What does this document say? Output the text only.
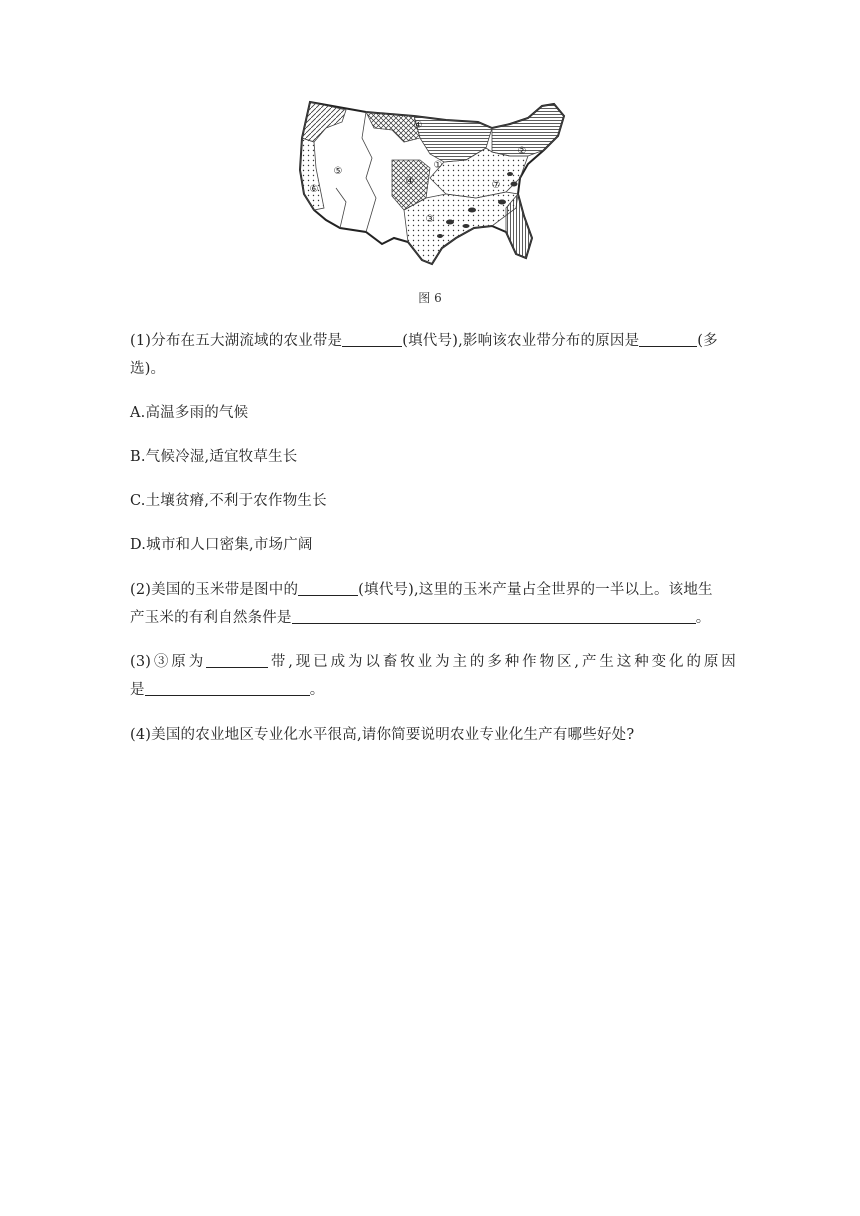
⑤
⑥
④
①
④
③
⑦
②
图 6
(1)分布在五大湖流域的农业带是	(填代号),影响该农业带分布的原因是	(多
选)。
A.高温多雨的气候
B.气候冷湿,适宜牧草生长
C.土壤贫瘠,不利于农作物生长
D.城市和人口密集,市场广阔
(2)美国的玉米带是图中的	(填代号),这里的玉米产量占全世界的一半以上。该地生
产玉米的有利自然条件是	。
(3)③原为	带,现已成为以畜牧业为主的多种作物区,产生这种变化的原因
是	。
(4)美国的农业地区专业化水平很高,请你简要说明农业专业化生产有哪些好处?
